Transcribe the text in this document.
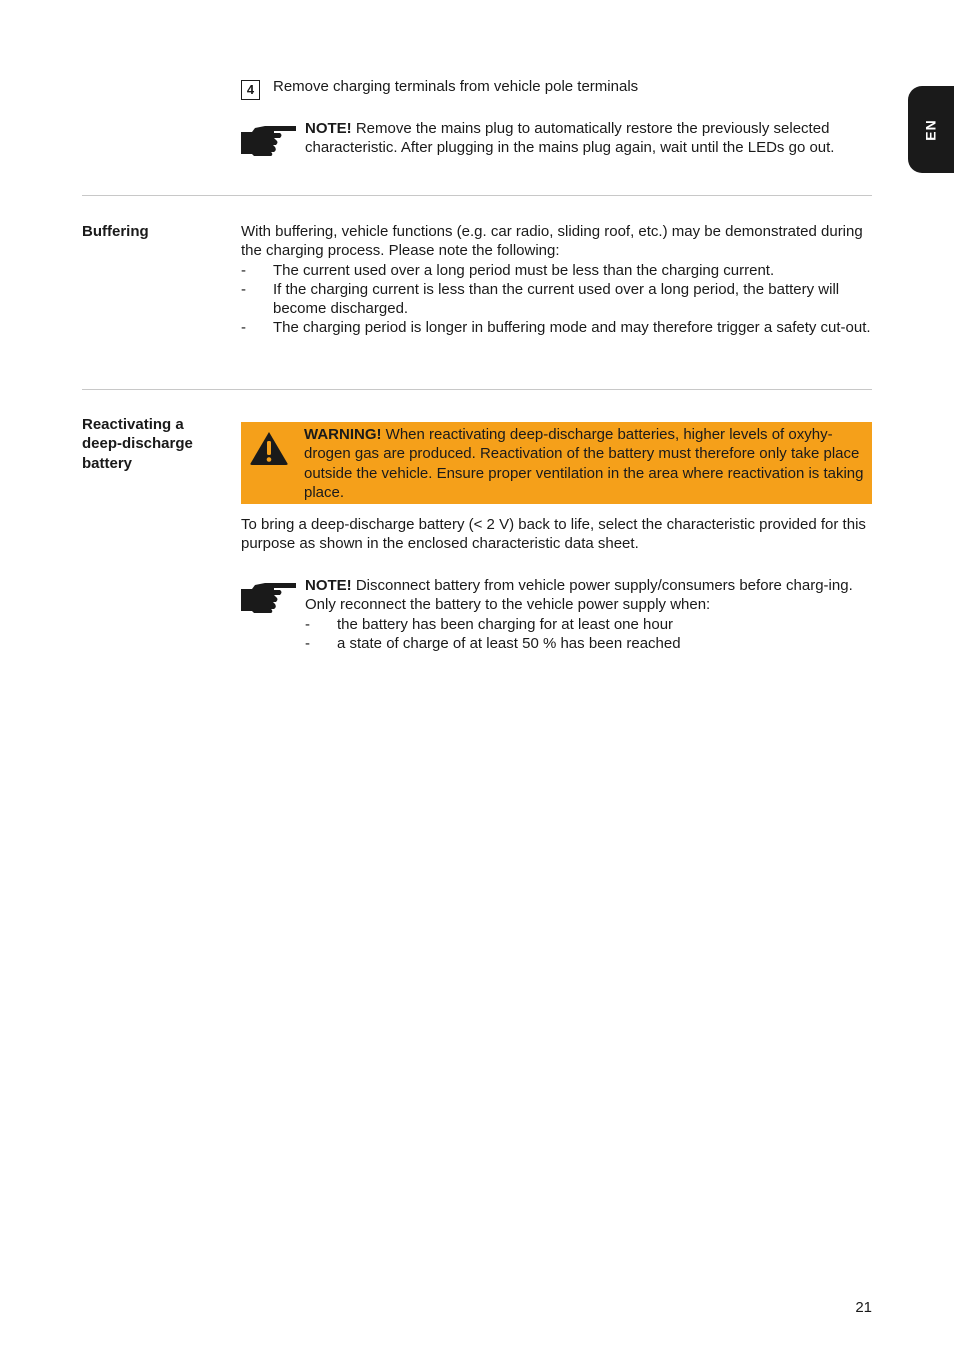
EN
4	Remove charging terminals from vehicle pole terminals
NOTE! Remove the mains plug to automatically restore the previously selected characteristic. After plugging in the mains plug again, wait until the LEDs go out.
Buffering	With buffering, vehicle functions (e.g. car radio, sliding roof, etc.) may be demonstrated during the charging process. Please note the following:
- The current used over a long period must be less than the charging current.
- If the charging current is less than the current used over a long period, the battery will become discharged.
- The charging period is longer in buffering mode and may therefore trigger a safety cut-out.
Reactivating a deep-discharge battery
WARNING! When reactivating deep-discharge batteries, higher levels of oxyhy-drogen gas are produced. Reactivation of the battery must therefore only take place outside the vehicle. Ensure proper ventilation in the area where reactivation is taking place.
To bring a deep-discharge battery (< 2 V) back to life, select the characteristic provided for this purpose as shown in the enclosed characteristic data sheet.
NOTE! Disconnect battery from vehicle power supply/consumers before charg-ing. Only reconnect the battery to the vehicle power supply when:
- the battery has been charging for at least one hour
- a state of charge of at least 50 % has been reached
21
